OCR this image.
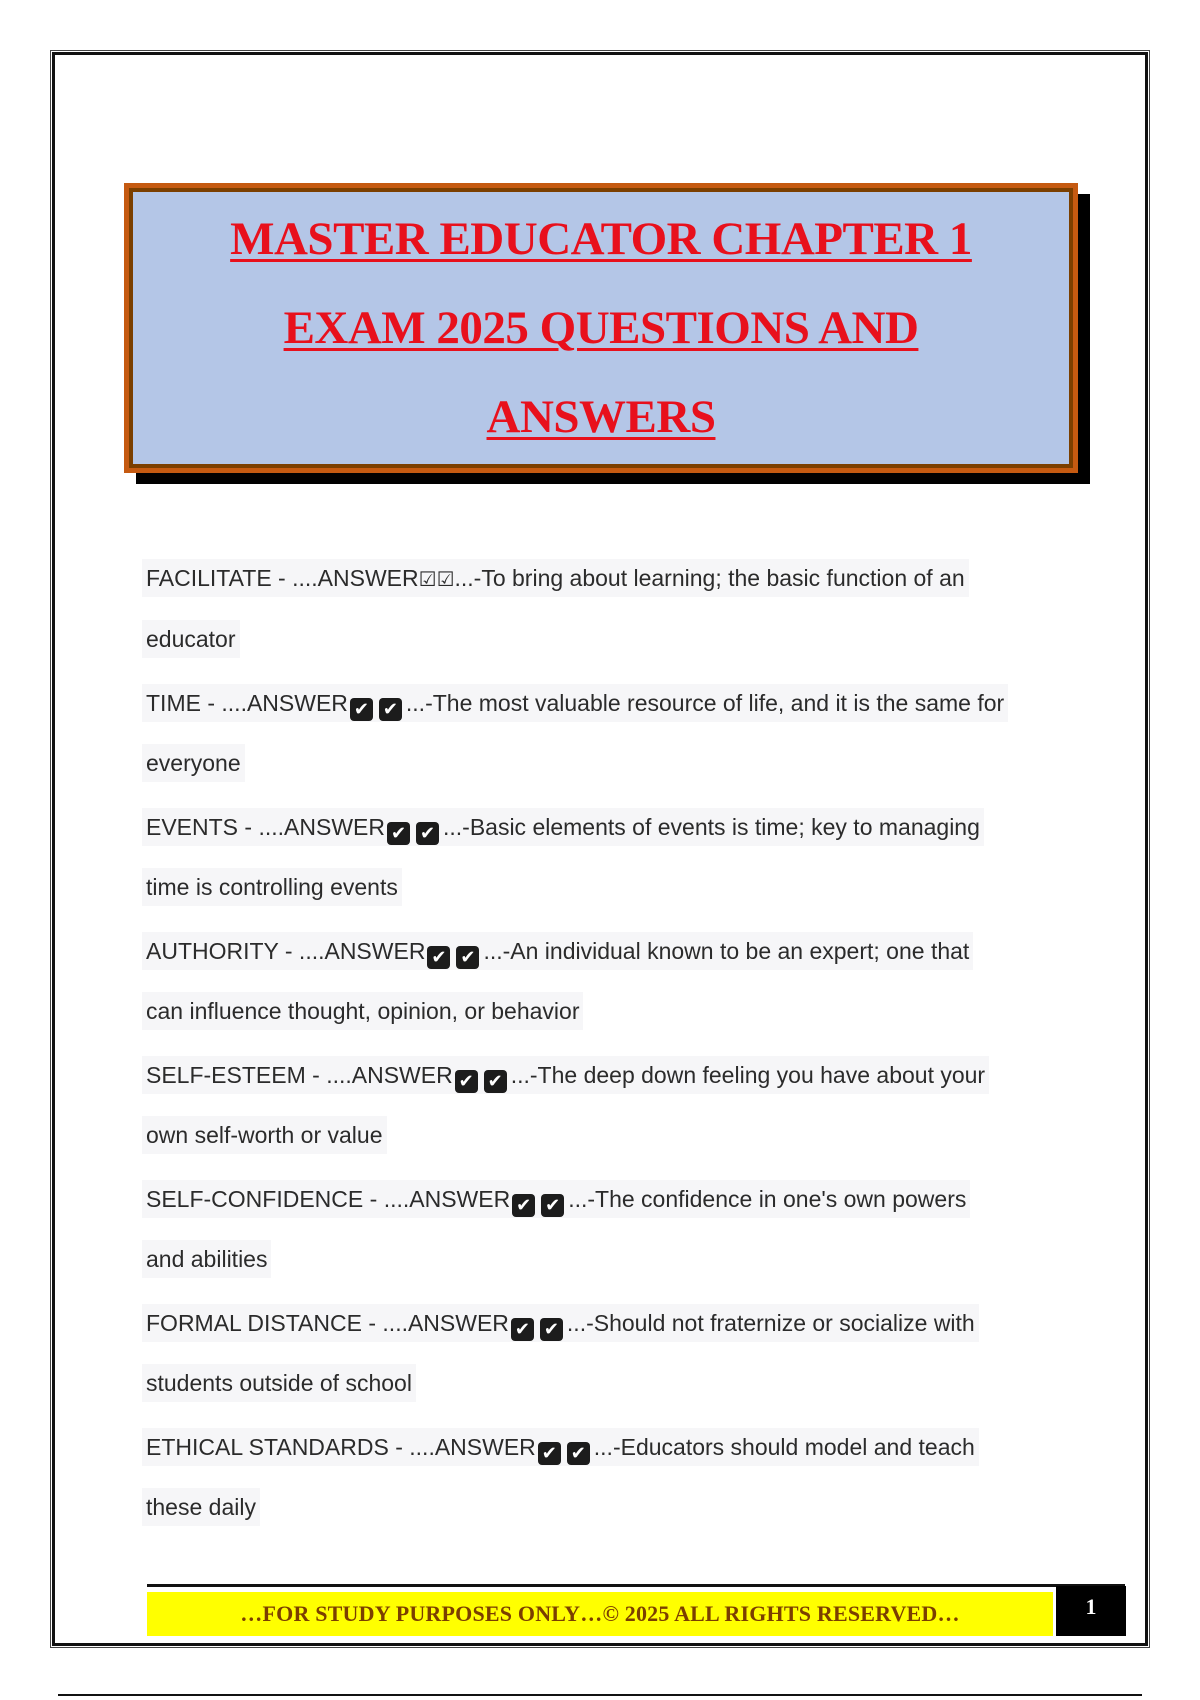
MASTER EDUCATOR CHAPTER 1
EXAM 2025 QUESTIONS AND
ANSWERS
FACILITATE - ....ANSWER☑☑...-To bring about learning; the basic function of an
educator
TIME - ....ANSWER ✔ ✔ ...-The most valuable resource of life, and it is the same for
everyone
EVENTS - ....ANSWER ✔ ✔ ...-Basic elements of events is time; key to managing
time is controlling events
AUTHORITY - ....ANSWER ✔ ✔ ...-An individual known to be an expert; one that
can influence thought, opinion, or behavior
SELF-ESTEEM - ....ANSWER ✔ ✔ ...-The deep down feeling you have about your
own self-worth or value
SELF-CONFIDENCE - ....ANSWER ✔ ✔ ...-The confidence in one's own powers
and abilities
FORMAL DISTANCE - ....ANSWER ✔ ✔ ...-Should not fraternize or socialize with
students outside of school
ETHICAL STANDARDS - ....ANSWER ✔ ✔ ...-Educators should model and teach
these daily
…FOR STUDY PURPOSES ONLY…© 2025 ALL RIGHTS RESERVED…	1
